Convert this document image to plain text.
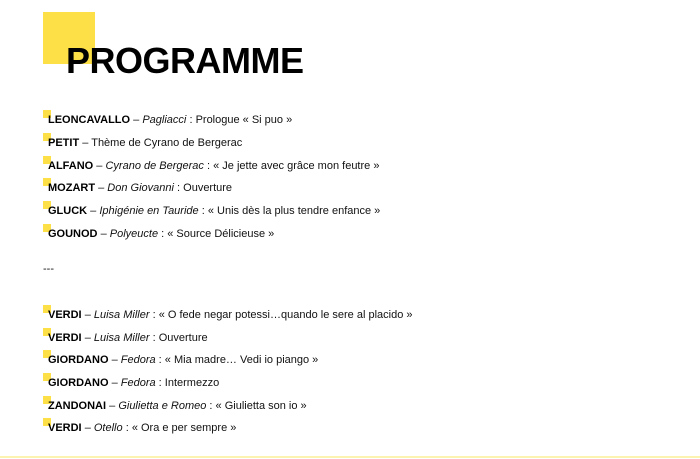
PROGRAMME
LEONCAVALLO – Pagliacci : Prologue « Si puo »
PETIT – Thème de Cyrano de Bergerac
ALFANO – Cyrano de Bergerac : « Je jette avec grâce mon feutre »
MOZART – Don Giovanni : Ouverture
GLUCK – Iphigénie en Tauride : « Unis dès la plus tendre enfance »
GOUNOD – Polyeucte : « Source Délicieuse »
VERDI – Luisa Miller : « O fede negar potessi…quando le sere al placido »
VERDI – Luisa Miller : Ouverture
GIORDANO – Fedora : « Mia madre… Vedi io piango »
GIORDANO – Fedora : Intermezzo
ZANDONAI – Giulietta e Romeo : « Giulietta son io »
VERDI – Otello : « Ora e per sempre »
---
